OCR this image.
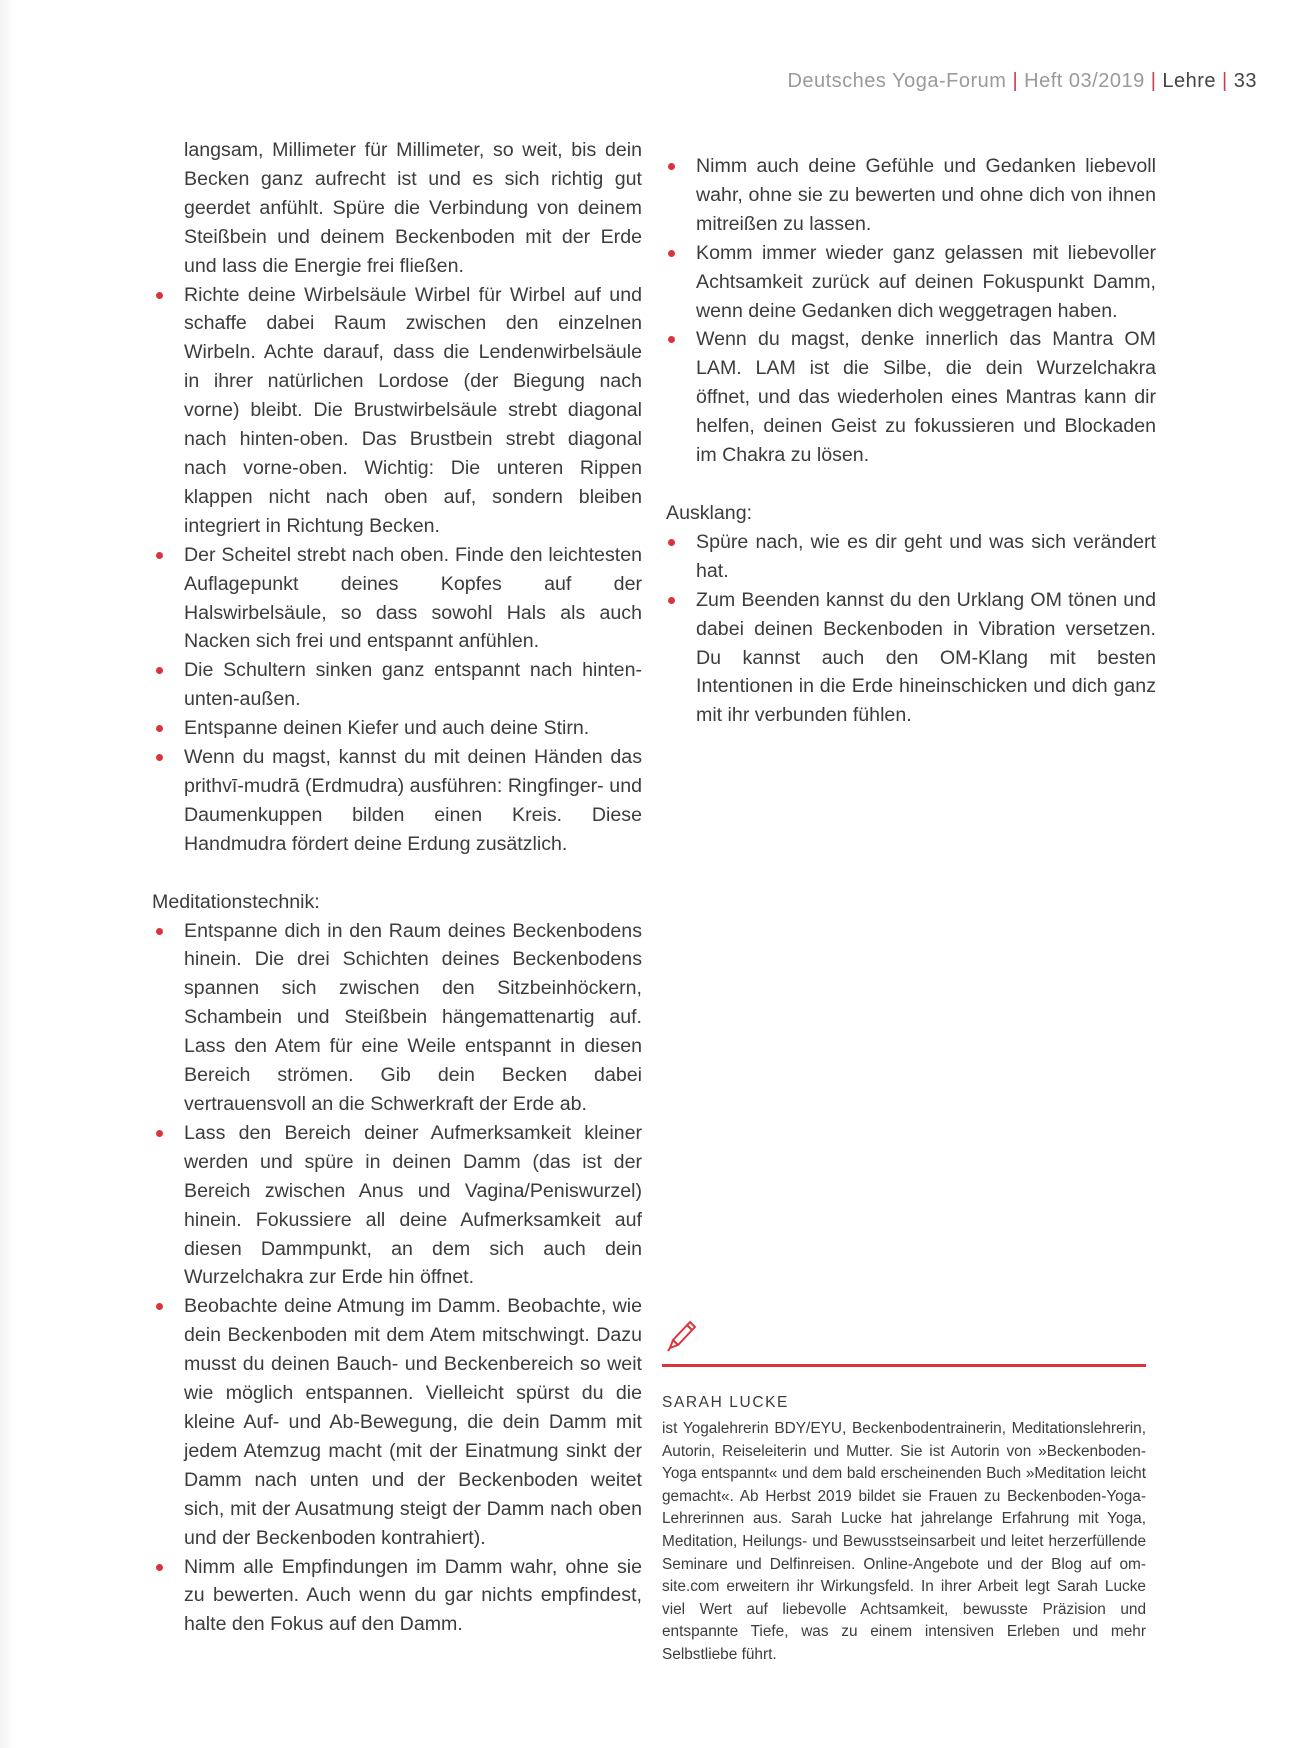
Deutsches Yoga-Forum | Heft 03/2019 | Lehre | 33

langsam, Millimeter für Millimeter, so weit, bis dein Becken ganz aufrecht ist und es sich richtig gut geerdet anfühlt. Spüre die Verbindung von deinem Steißbein und deinem Beckenboden mit der Erde und lass die Energie frei fließen.

Richte deine Wirbelsäule Wirbel für Wirbel auf und schaffe dabei Raum zwischen den einzelnen Wirbeln. Achte darauf, dass die Lendenwirbelsäule in ihrer natürlichen Lordose (der Biegung nach vorne) bleibt. Die Brustwirbelsäule strebt diagonal nach hinten-oben. Das Brustbein strebt diagonal nach vorne-oben. Wichtig: Die unteren Rippen klappen nicht nach oben auf, sondern bleiben integriert in Richtung Becken.
Der Scheitel strebt nach oben. Finde den leichtesten Auflagepunkt deines Kopfes auf der Halswirbelsäule, so dass sowohl Hals als auch Nacken sich frei und entspannt anfühlen.
Die Schultern sinken ganz entspannt nach hinten-unten-außen.
Entspanne deinen Kiefer und auch deine Stirn.
Wenn du magst, kannst du mit deinen Händen das prithvī-mudrā (Erdmudra) ausführen: Ringfinger- und Daumenkuppen bilden einen Kreis. Diese Handmudra fördert deine Erdung zusätzlich.

Meditationstechnik:

Entspanne dich in den Raum deines Beckenbodens hinein. Die drei Schichten deines Beckenbodens spannen sich zwischen den Sitzbeinhöckern, Schambein und Steißbein hängemattenartig auf. Lass den Atem für eine Weile entspannt in diesen Bereich strömen. Gib dein Becken dabei vertrauensvoll an die Schwerkraft der Erde ab.
Lass den Bereich deiner Aufmerksamkeit kleiner werden und spüre in deinen Damm (das ist der Bereich zwischen Anus und Vagina/Peniswurzel) hinein. Fokussiere all deine Aufmerksamkeit auf diesen Dammpunkt, an dem sich auch dein Wurzelchakra zur Erde hin öffnet.
Beobachte deine Atmung im Damm. Beobachte, wie dein Beckenboden mit dem Atem mitschwingt. Dazu musst du deinen Bauch- und Beckenbereich so weit wie möglich entspannen. Vielleicht spürst du die kleine Auf- und Ab-Bewegung, die dein Damm mit jedem Atemzug macht (mit der Einatmung sinkt der Damm nach unten und der Beckenboden weitet sich, mit der Ausatmung steigt der Damm nach oben und der Beckenboden kontrahiert).
Nimm alle Empfindungen im Damm wahr, ohne sie zu bewerten. Auch wenn du gar nichts empfindest, halte den Fokus auf den Damm.
Nimm auch deine Gefühle und Gedanken liebevoll wahr, ohne sie zu bewerten und ohne dich von ihnen mitreißen zu lassen.
Komm immer wieder ganz gelassen mit liebevoller Achtsamkeit zurück auf deinen Fokuspunkt Damm, wenn deine Gedanken dich weggetragen haben.
Wenn du magst, denke innerlich das Mantra OM LAM. LAM ist die Silbe, die dein Wurzelchakra öffnet, und das wiederholen eines Mantras kann dir helfen, deinen Geist zu fokussieren und Blockaden im Chakra zu lösen.

Ausklang:

Spüre nach, wie es dir geht und was sich verändert hat.
Zum Beenden kannst du den Urklang OM tönen und dabei deinen Beckenboden in Vibration versetzen. Du kannst auch den OM-Klang mit besten Intentionen in die Erde hineinschicken und dich ganz mit ihr verbunden fühlen.
SARAH LUCKE
ist Yogalehrerin BDY/EYU, Beckenbodentrainerin, Meditationslehrerin, Autorin, Reiseleiterin und Mutter. Sie ist Autorin von »Beckenboden-Yoga entspannt« und dem bald erscheinenden Buch »Meditation leicht gemacht«. Ab Herbst 2019 bildet sie Frauen zu Beckenboden-Yoga-Lehrerinnen aus. Sarah Lucke hat jahrelange Erfahrung mit Yoga, Meditation, Heilungs- und Bewusstseinsarbeit und leitet herzerfüllende Seminare und Delfinreisen. Online-Angebote und der Blog auf om-site.com erweitern ihr Wirkungsfeld. In ihrer Arbeit legt Sarah Lucke viel Wert auf liebevolle Achtsamkeit, bewusste Präzision und entspannte Tiefe, was zu einem intensiven Erleben und mehr Selbstliebe führt.
